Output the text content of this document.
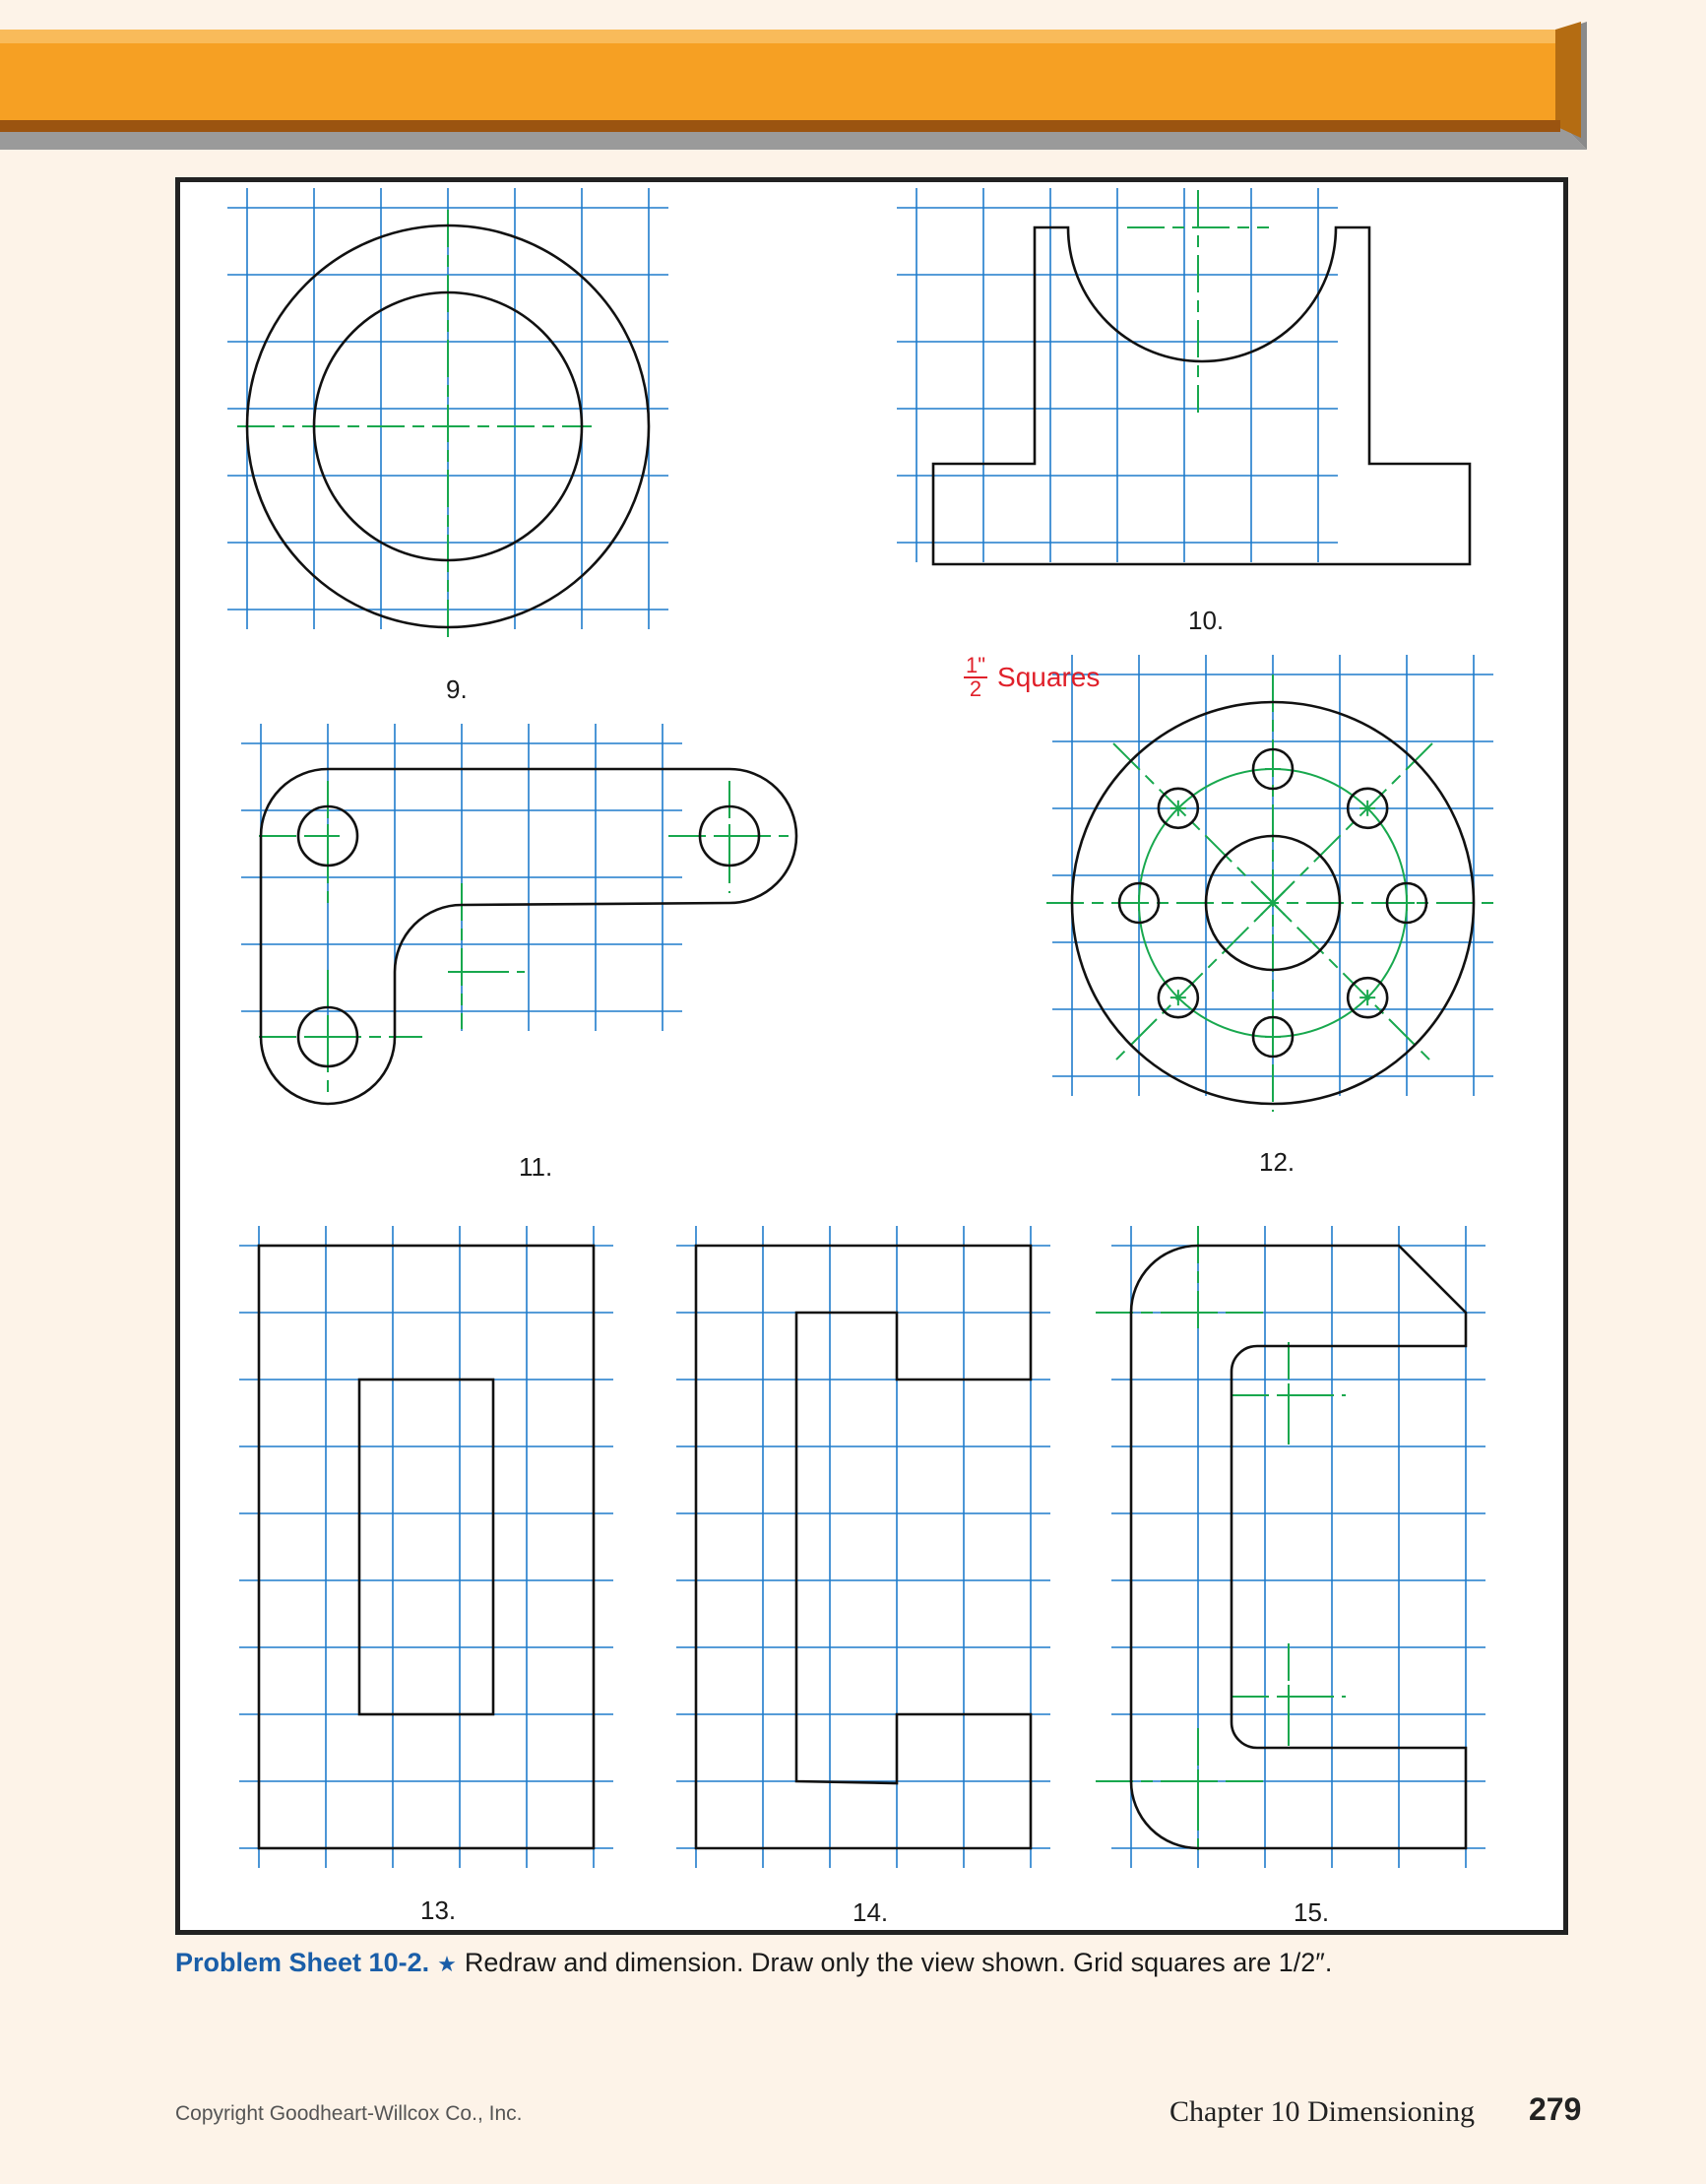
9.
10.
11.	12.
13.	14.	15.
$\frac{1"}{2}$ Squares
Problem Sheet 10-2. ★ Redraw and dimension. Draw only the view shown. Grid squares are 1/2″.
Copyright Goodheart-Willcox Co., Inc.	Chapter 10 Dimensioning 279
